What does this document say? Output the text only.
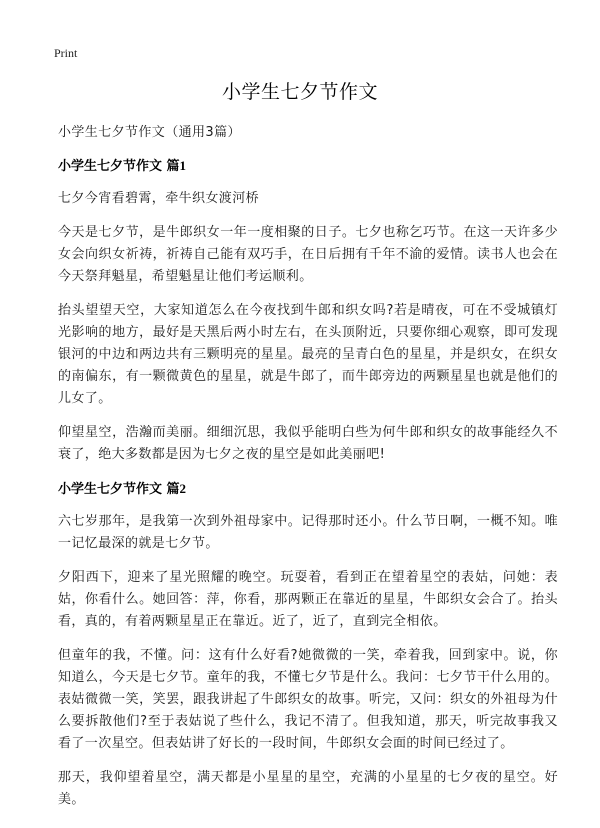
Print
小学生七夕节作文

小学生七夕节作文（通用3篇）

小学生七夕节作文 篇1

七夕今宵看碧霄，牵牛织女渡河桥

今天是七夕节，是牛郎织女一年一度相聚的日子。七夕也称乞巧节。在这一天许多少女会向织女祈祷，祈祷自己能有双巧手，在日后拥有千年不渝的爱情。读书人也会在今天祭拜魁星，希望魁星让他们考运顺利。

抬头望望天空，大家知道怎么在今夜找到牛郎和织女吗?若是晴夜，可在不受城镇灯光影响的地方，最好是天黑后两小时左右，在头顶附近，只要你细心观察，即可发现银河的中边和两边共有三颗明亮的星星。最亮的呈青白色的星星，并是织女，在织女的南偏东，有一颗微黄色的星星，就是牛郎了，而牛郎旁边的两颗星星也就是他们的儿女了。

仰望星空，浩瀚而美丽。细细沉思，我似乎能明白些为何牛郎和织女的故事能经久不衰了，绝大多数都是因为七夕之夜的星空是如此美丽吧!

小学生七夕节作文 篇2

六七岁那年，是我第一次到外祖母家中。记得那时还小。什么节日啊，一概不知。唯一记忆最深的就是七夕节。

夕阳西下，迎来了星光照耀的晚空。玩耍着，看到正在望着星空的表姑，问她：表姑，你看什么。她回答：萍，你看，那两颗正在靠近的星星，牛郎织女会合了。抬头看，真的，有着两颗星星正在靠近。近了，近了，直到完全相依。

但童年的我，不懂。问：这有什么好看?她微微的一笑，牵着我，回到家中。说，你知道么，今天是七夕节。童年的我，不懂七夕节是什么。我问：七夕节干什么用的。表姑微微一笑，笑罢，跟我讲起了牛郎织女的故事。听完，又问：织女的外祖母为什么要拆散他们?至于表姑说了些什么，我记不清了。但我知道，那天，听完故事我又看了一次星空。但表姑讲了好长的一段时间，牛郎织女会面的时间已经过了。

那天，我仰望着星空，满天都是小星星的星空，充满的小星星的七夕夜的星空。好美。
